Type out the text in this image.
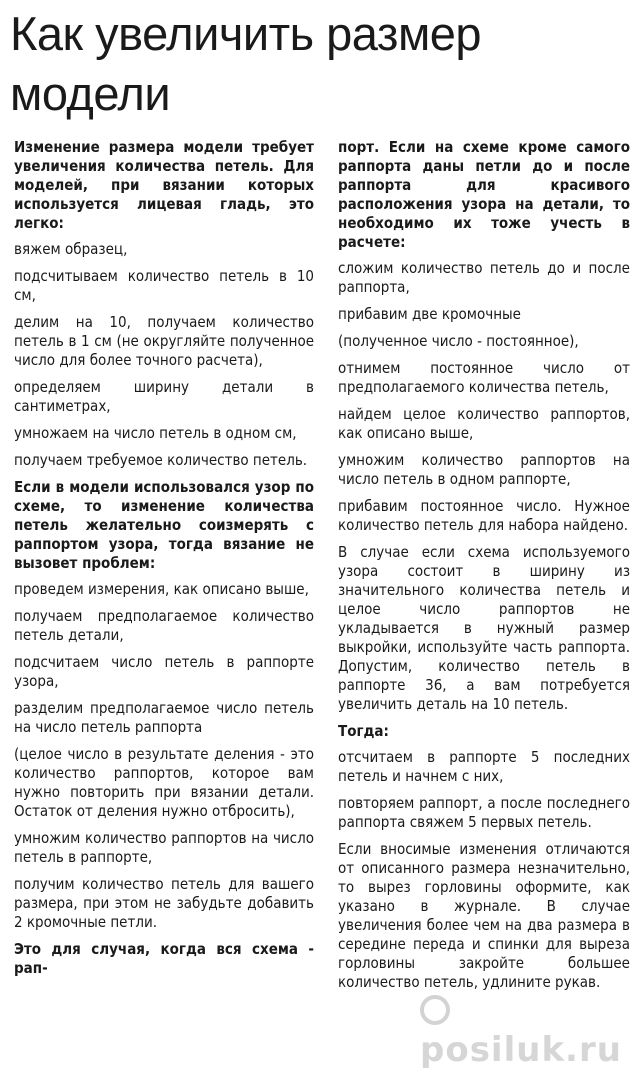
Как увеличить размер модели

Изменение размера модели требует увеличения количества петель. Для моделей, при вязании которых используется лицевая гладь, это легко:

вяжем образец,

подсчитываем количество петель в 10 см,

делим на 10, получаем количество петель в 1 см (не округляйте полученное число для более точного расчета),

определяем ширину детали в сантиметрах,

умножаем на число петель в одном см,

получаем требуемое количество петель.

Если в модели использовался узор по схеме, то изменение количества петель желательно соизмерять с раппортом узора, тогда вязание не вызовет проблем:

проведем измерения, как описано выше,

получаем предполагаемое количество петель детали,

подсчитаем число петель в раппорте узора,

разделим предполагаемое число петель на число петель раппорта

(целое число в результате деления - это количество раппортов, которое вам нужно повторить при вязании детали. Остаток от деления нужно отбросить),

умножим количество раппортов на число петель в раппорте,

получим количество петель для вашего размера, при этом не забудьте добавить 2 кромочные петли.

Это для случая, когда вся схема - рап-

порт. Если на схеме кроме самого раппорта даны петли до и после раппорта для красивого расположения узора на детали, то необходимо их тоже учесть в расчете:

сложим количество петель до и после раппорта,

прибавим две кромочные

(полученное число - постоянное),

отнимем постоянное число от предполагаемого количества петель,

найдем целое количество раппортов, как описано выше,

умножим количество раппортов на число петель в одном раппорте,

прибавим постоянное число. Нужное количество петель для набора найдено.

В случае если схема используемого узора состоит в ширину из значительного количества петель и целое число раппортов не укладывается в нужный размер выкройки, используйте часть раппорта. Допустим, количество петель в раппорте 36, а вам потребуется увеличить деталь на 10 петель.

Тогда:

отсчитаем в раппорте 5 последних петель и начнем с них,

повторяем раппорт, а после последнего раппорта свяжем 5 первых петель.

Если вносимые изменения отличаются от описанного размера незначительно, то вырез горловины оформите, как указано в журнале. В случае увеличения более чем на два размера в середине переда и спинки для выреза горловины закройте большее количество петель, удлините рукав.

posiluk.ru
